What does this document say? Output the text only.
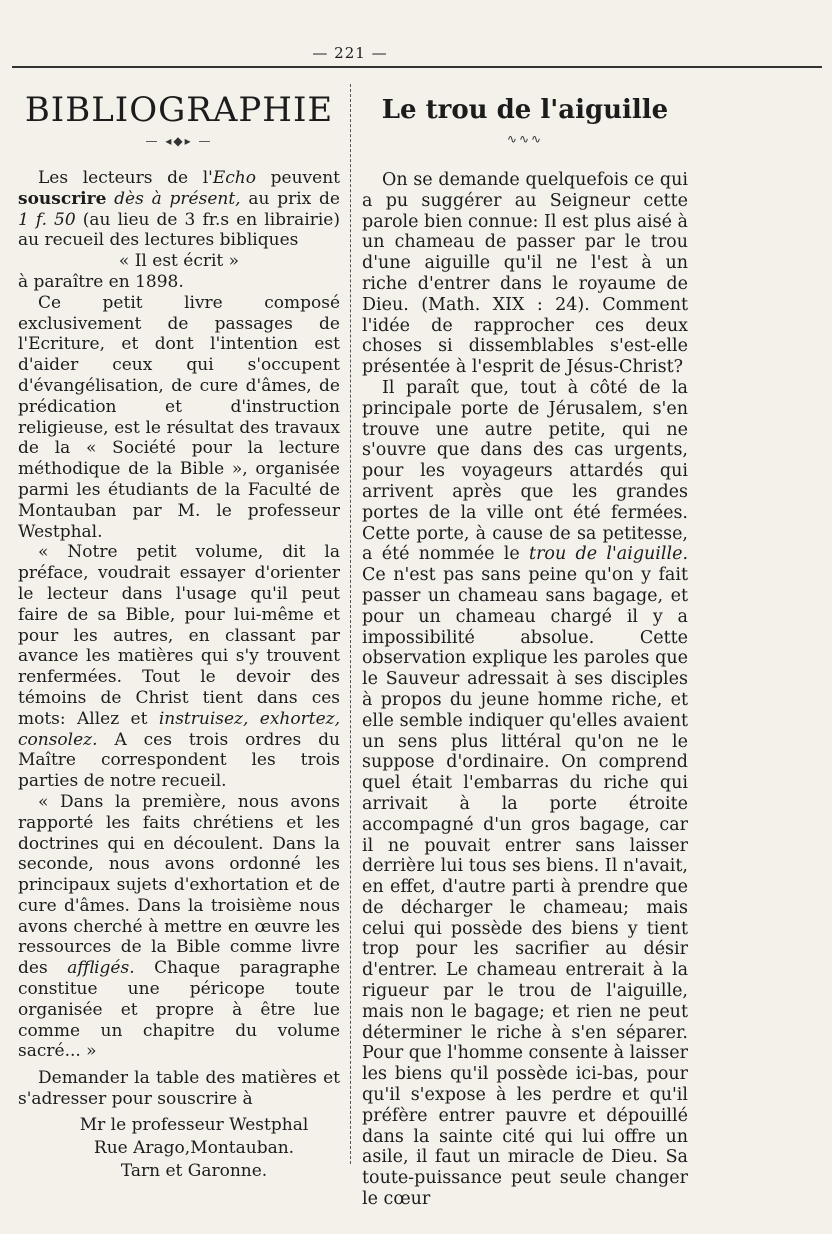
— 221 —
BIBLIOGRAPHIE
— ◂◆▸ —

Les lecteurs de l'Echo peuvent souscrire dès à présent, au prix de 1 f. 50 (au lieu de 3 fr.s en librairie) au recueil des lectures bibliques

« Il est écrit »

à paraître en 1898.

Ce petit livre composé exclusivement de passages de l'Ecriture, et dont l'intention est d'aider ceux qui s'occupent d'évangélisation, de cure d'âmes, de prédication et d'instruction religieuse, est le résultat des travaux de la « Société pour la lecture méthodique de la Bible », organisée parmi les étudiants de la Faculté de Montauban par M. le professeur Westphal.

« Notre petit volume, dit la préface, voudrait essayer d'orienter le lecteur dans l'usage qu'il peut faire de sa Bible, pour lui-même et pour les autres, en classant par avance les matières qui s'y trouvent renfermées. Tout le devoir des témoins de Christ tient dans ces mots: Allez et instruisez, exhortez, consolez. A ces trois ordres du Maître correspondent les trois parties de notre recueil.

« Dans la première, nous avons rapporté les faits chrétiens et les doctrines qui en découlent. Dans la seconde, nous avons ordonné les principaux sujets d'exhortation et de cure d'âmes. Dans la troisième nous avons cherché à mettre en œuvre les ressources de la Bible comme livre des affligés. Chaque paragraphe constitue une péricope toute organisée et propre à être lue comme un chapitre du volume sacré... »

Demander la table des matières et s'adresser pour souscrire à

Mr le professeur Westphal
Rue Arago,Montauban.
Tarn et Garonne.
Le trou de l'aiguille
∿∿∿

On se demande quelquefois ce qui a pu suggérer au Seigneur cette parole bien connue: Il est plus aisé à un chameau de passer par le trou d'une aiguille qu'il ne l'est à un riche d'entrer dans le royaume de Dieu. (Math. XIX : 24). Comment l'idée de rapprocher ces deux choses si dissemblables s'est-elle présentée à l'esprit de Jésus-Christ?

Il paraît que, tout à côté de la principale porte de Jérusalem, s'en trouve une autre petite, qui ne s'ouvre que dans des cas urgents, pour les voyageurs attardés qui arrivent après que les grandes portes de la ville ont été fermées. Cette porte, à cause de sa petitesse, a été nommée le trou de l'aiguille. Ce n'est pas sans peine qu'on y fait passer un chameau sans bagage, et pour un chameau chargé il y a impossibilité absolue. Cette observation explique les paroles que le Sauveur adressait à ses disciples à propos du jeune homme riche, et elle semble indiquer qu'elles avaient un sens plus littéral qu'on ne le suppose d'ordinaire. On comprend quel était l'embarras du riche qui arrivait à la porte étroite accompagné d'un gros bagage, car il ne pouvait entrer sans laisser derrière lui tous ses biens. Il n'avait, en effet, d'autre parti à prendre que de décharger le chameau; mais celui qui possède des biens y tient trop pour les sacrifier au désir d'entrer. Le chameau entrerait à la rigueur par le trou de l'aiguille, mais non le bagage; et rien ne peut déterminer le riche à s'en séparer. Pour que l'homme consente à laisser les biens qu'il possède ici-bas, pour qu'il s'expose à les perdre et qu'il préfère entrer pauvre et dépouillé dans la sainte cité qui lui offre un asile, il faut un miracle de Dieu. Sa toute-puissance peut seule changer le cœur
